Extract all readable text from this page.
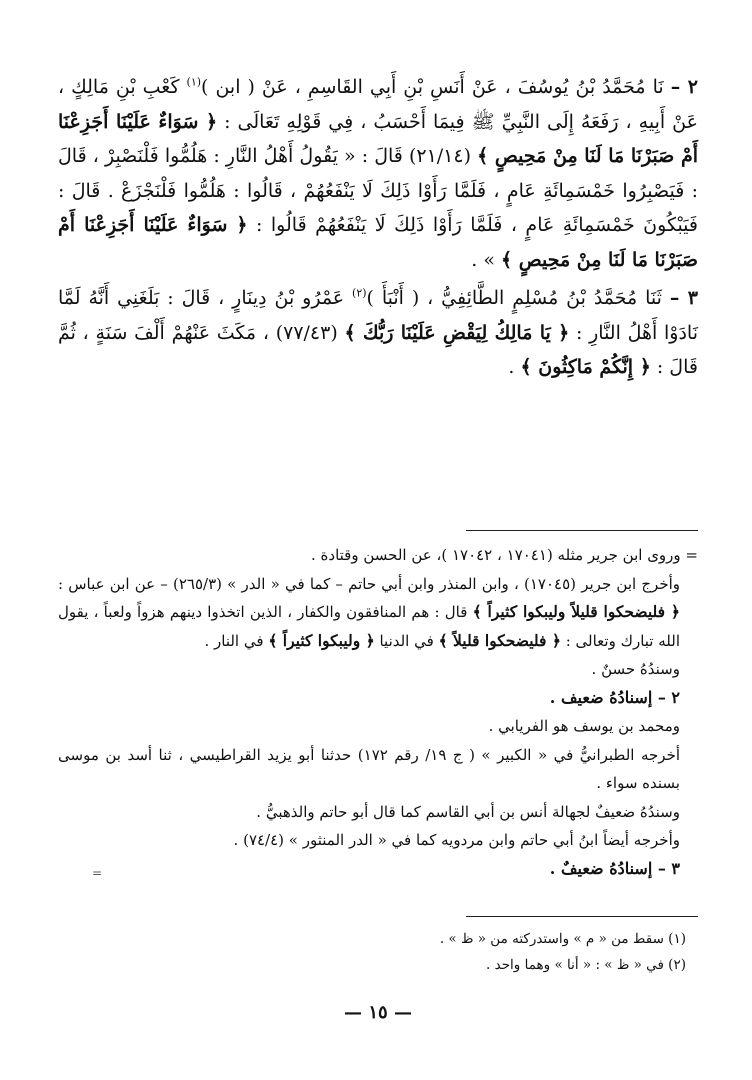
٢ – نَا مُحَمَّدُ بْنُ يُوسُفَ ، عَنْ أَنَسِ بْنِ أَبِي القَاسِمِ ، عَنْ ( ابن )$^{(١)}$ كَعْبِ بْنِ مَالِكٍ ، عَنْ أَبِيهِ ، رَفَعَهُ إِلَى النَّبِيِّ ﷺ فِيمَا أَحْسَبُ ، فِي قَوْلِهِ تَعَالَى : ﴿ سَوَاءٌ عَلَيْنَا أَجَزِعْنَا أَمْ صَبَرْنَا مَا لَنَا مِنْ مَحِيصٍ ﴾ (٢١/١٤) قَالَ : « يَقُولُ أَهْلُ النَّارِ : هَلُمُّوا فَلْنَصْبِرْ ، قَالَ : فَيَصْبِرُوا خَمْسَمِائَةِ عَامٍ ، فَلَمَّا رَأَوْا ذَلِكَ لَا يَنْفَعُهُمْ ، قَالُوا : هَلُمُّوا فَلْنَجْزَعْ . قَالَ : فَيَبْكُونَ خَمْسَمِائَةِ عَامٍ ، فَلَمَّا رَأَوْا ذَلِكَ لَا يَنْفَعُهُمْ قَالُوا : ﴿ سَوَاءٌ عَلَيْنَا أَجَزِعْنَا أَمْ صَبَرْنَا مَا لَنَا مِنْ مَحِيصٍ ﴾ » .

٣ – ثَنَا مُحَمَّدُ بْنُ مُسْلِمٍ الطَّائِفِيُّ ، ( أَنْبَأَ )$^{(٢)}$ عَمْرُو بْنُ دِينَارٍ ، قَالَ : بَلَغَنِي أَنَّهُ لَمَّا نَادَوْا أَهْلُ النَّارِ : ﴿ يَا مَالِكُ لِيَقْضِ عَلَيْنَا رَبُّكَ ﴾ (٧٧/٤٣) ، مَكَثَ عَنْهُمْ أَلْفَ سَنَةٍ ، ثُمَّ قَالَ : ﴿ إِنَّكُمْ مَاكِثُونَ ﴾ .

= وروى ابن جرير مثله (١٧٠٤١ ، ١٧٠٤٢ )، عن الحسن وقتادة .

وأخرج ابن جرير (١٧٠٤٥) ، وابن المنذر وابن أبي حاتم – كما في « الدر » (٢٦٥/٣) – عن ابن عباس : ﴿ فليضحكوا قليلاً وليبكوا كثيراً ﴾ قال : هم المنافقون والكفار ، الذين اتخذوا دينهم هزواً ولعباً ، يقول الله تبارك وتعالى : ﴿ فليضحكوا قليلاً ﴾ في الدنيا ﴿ وليبكوا كثيراً ﴾ في النار .

وسندُهُ حسنٌ .

٢ – إسنادُهُ ضعيف .

ومحمد بن يوسف هو الفريابي .

أخرجه الطبرانيُّ في « الكبير » ( ج ١٩/ رقم ١٧٢) حدثنا أبو يزيد القراطيسي ، ثنا أسد بن موسى بسنده سواء .

وسندُهُ ضعيفٌ لجهالة أنس بن أبي القاسم كما قال أبو حاتم والذهبيُّ .

وأخرجه أيضاً ابنُ أبي حاتم وابن مردويه كما في « الدر المنثور » (٧٤/٤) .

٣ – إسنادُهُ ضعيفٌ .

(١) سقط من « م » واستدركته من « ظ » .

(٢) في « ظ » : « أنا » وهما واحد .

— ١٥ —
=
